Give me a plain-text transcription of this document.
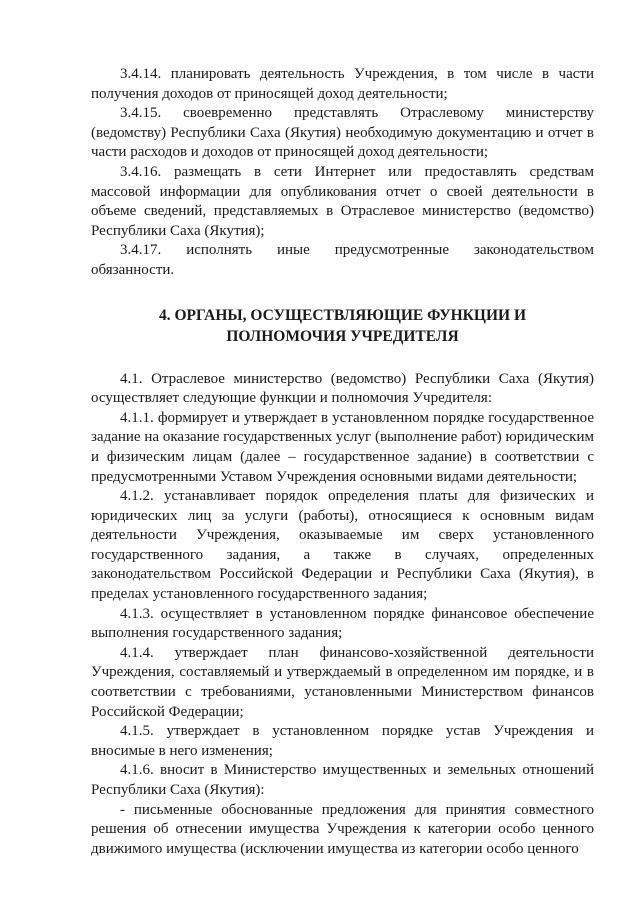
3.4.14. планировать деятельность Учреждения, в том числе в части получения доходов от приносящей доход деятельности;

3.4.15. своевременно представлять Отраслевому министерству (ведомству) Республики Саха (Якутия) необходимую документацию и отчет в части расходов и доходов от приносящей доход деятельности;

3.4.16. размещать в сети Интернет или предоставлять средствам массовой информации для опубликования отчет о своей деятельности в объеме сведений, представляемых в Отраслевое министерство (ведомство) Республики Саха (Якутия);

3.4.17. исполнять иные предусмотренные законодательством обязанности.

4. ОРГАНЫ, ОСУЩЕСТВЛЯЮЩИЕ ФУНКЦИИ И
ПОЛНОМОЧИЯ УЧРЕДИТЕЛЯ

4.1. Отраслевое министерство (ведомство) Республики Саха (Якутия) осуществляет следующие функции и полномочия Учредителя:

4.1.1. формирует и утверждает в установленном порядке государственное задание на оказание государственных услуг (выполнение работ) юридическим и физическим лицам (далее – государственное задание) в соответствии с предусмотренными Уставом Учреждения основными видами деятельности;

4.1.2. устанавливает порядок определения платы для физических и юридических лиц за услуги (работы), относящиеся к основным видам деятельности Учреждения, оказываемые им сверх установленного государственного задания, а также в случаях, определенных законодательством Российской Федерации и Республики Саха (Якутия), в пределах установленного государственного задания;

4.1.3. осуществляет в установленном порядке финансовое обеспечение выполнения государственного задания;

4.1.4. утверждает план финансово-хозяйственной деятельности Учреждения, составляемый и утверждаемый в определенном им порядке, и в соответствии с требованиями, установленными Министерством финансов Российской Федерации;

4.1.5. утверждает в установленном порядке устав Учреждения и вносимые в него изменения;

4.1.6. вносит в Министерство имущественных и земельных отношений Республики Саха (Якутия):

- письменные обоснованные предложения для принятия совместного решения об отнесении имущества Учреждения к категории особо ценного движимого имущества (исключении имущества из категории особо ценного
